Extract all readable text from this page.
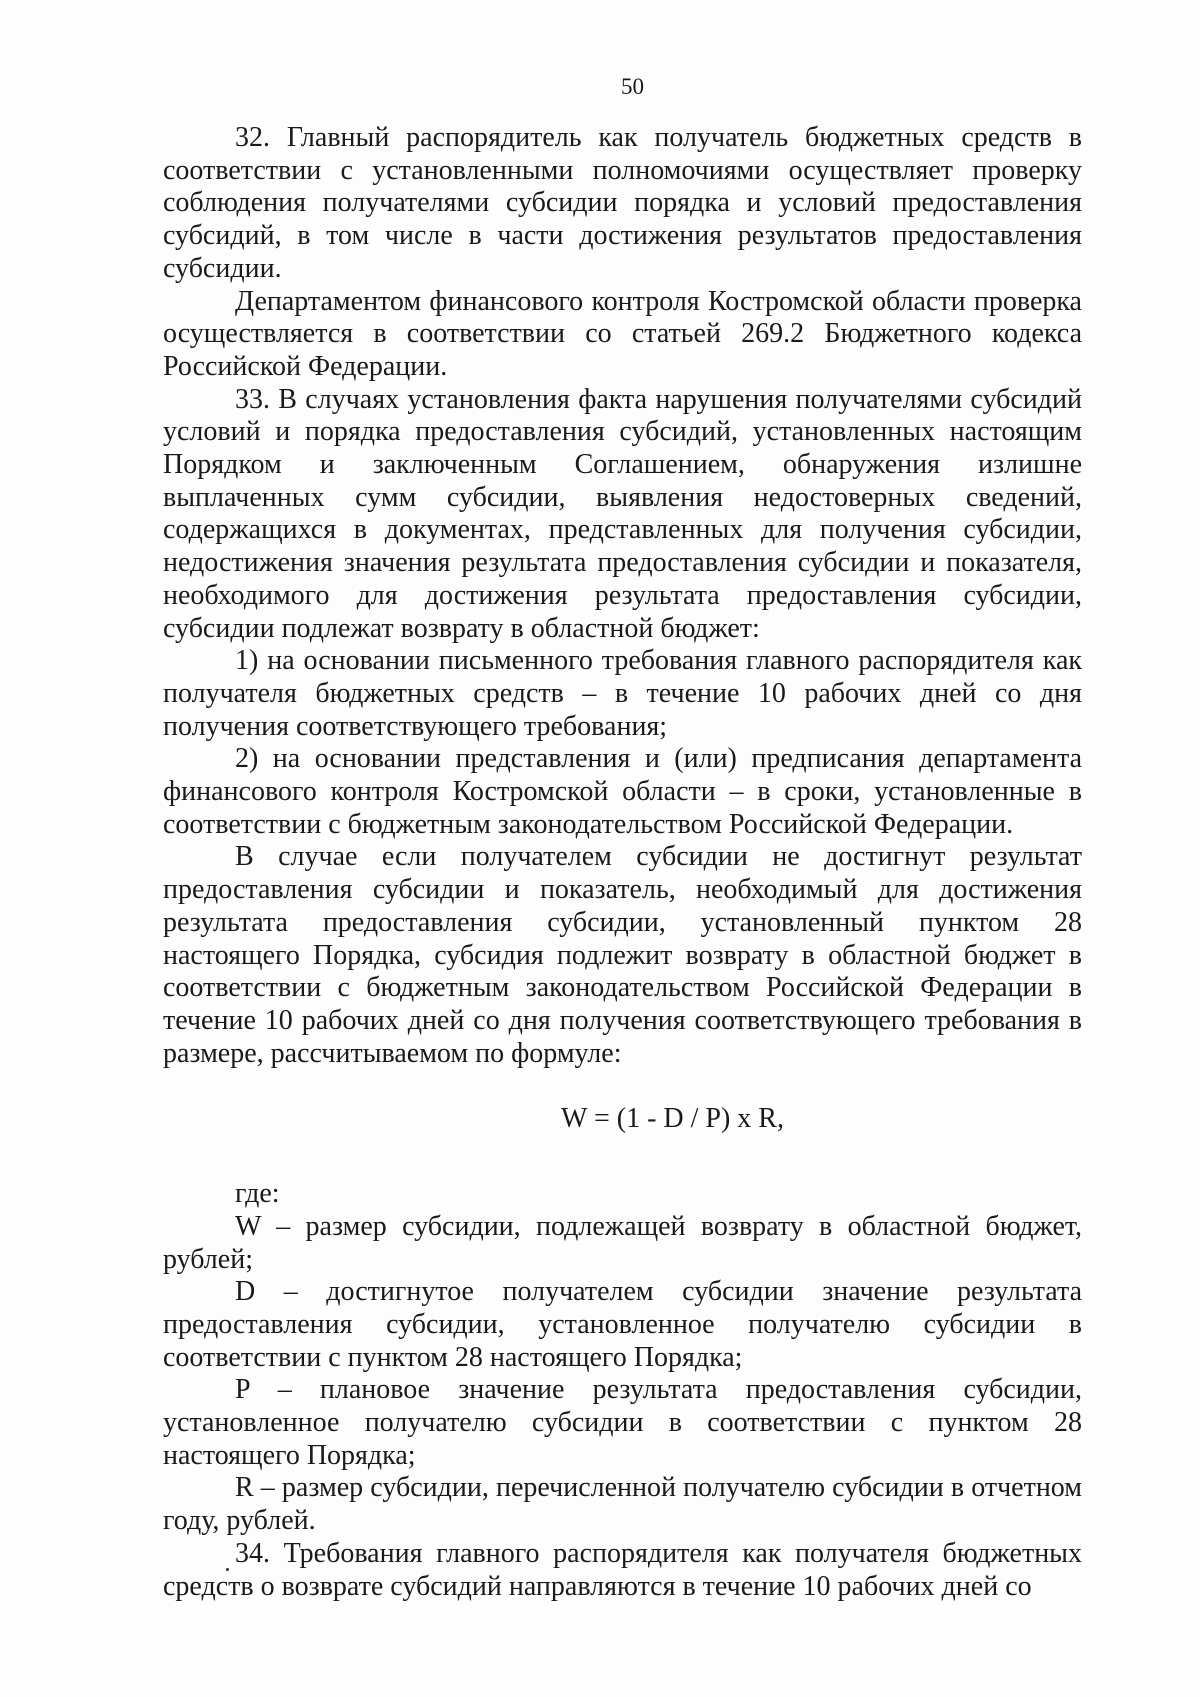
50

32. Главный распорядитель как получатель бюджетных средств в соответствии с установленными полномочиями осуществляет проверку соблюдения получателями субсидии порядка и условий предоставления субсидий, в том числе в части достижения результатов предоставления субсидии.

Департаментом финансового контроля Костромской области проверка осуществляется в соответствии со статьей 269.2 Бюджетного кодекса Российской Федерации.

33. В случаях установления факта нарушения получателями субсидий условий и порядка предоставления субсидий, установленных настоящим Порядком и заключенным Соглашением, обнаружения излишне выплаченных сумм субсидии, выявления недостоверных сведений, содержащихся в документах, представленных для получения субсидии, недостижения значения результата предоставления субсидии и показателя, необходимого для достижения результата предоставления субсидии, субсидии подлежат возврату в областной бюджет:

1) на основании письменного требования главного распорядителя как получателя бюджетных средств – в течение 10 рабочих дней со дня получения соответствующего требования;

2) на основании представления и (или) предписания департамента финансового контроля Костромской области – в сроки, установленные в соответствии с бюджетным законодательством Российской Федерации.

В случае если получателем субсидии не достигнут результат предоставления субсидии и показатель, необходимый для достижения результата предоставления субсидии, установленный пунктом 28 настоящего Порядка, субсидия подлежит возврату в областной бюджет в соответствии с бюджетным законодательством Российской Федерации в течение 10 рабочих дней со дня получения соответствующего требования в размере, рассчитываемом по формуле:

W = (1 - D / P) x R,

где:

W – размер субсидии, подлежащей возврату в областной бюджет, рублей;

D – достигнутое получателем субсидии значение результата предоставления субсидии, установленное получателю субсидии в соответствии с пунктом 28 настоящего Порядка;

P – плановое значение результата предоставления субсидии, установленное получателю субсидии в соответствии с пунктом 28 настоящего Порядка;

R – размер субсидии, перечисленной получателю субсидии в отчетном году, рублей.

34. Требования главного распорядителя как получателя бюджетных средств о возврате субсидий направляются в течение 10 рабочих дней со
